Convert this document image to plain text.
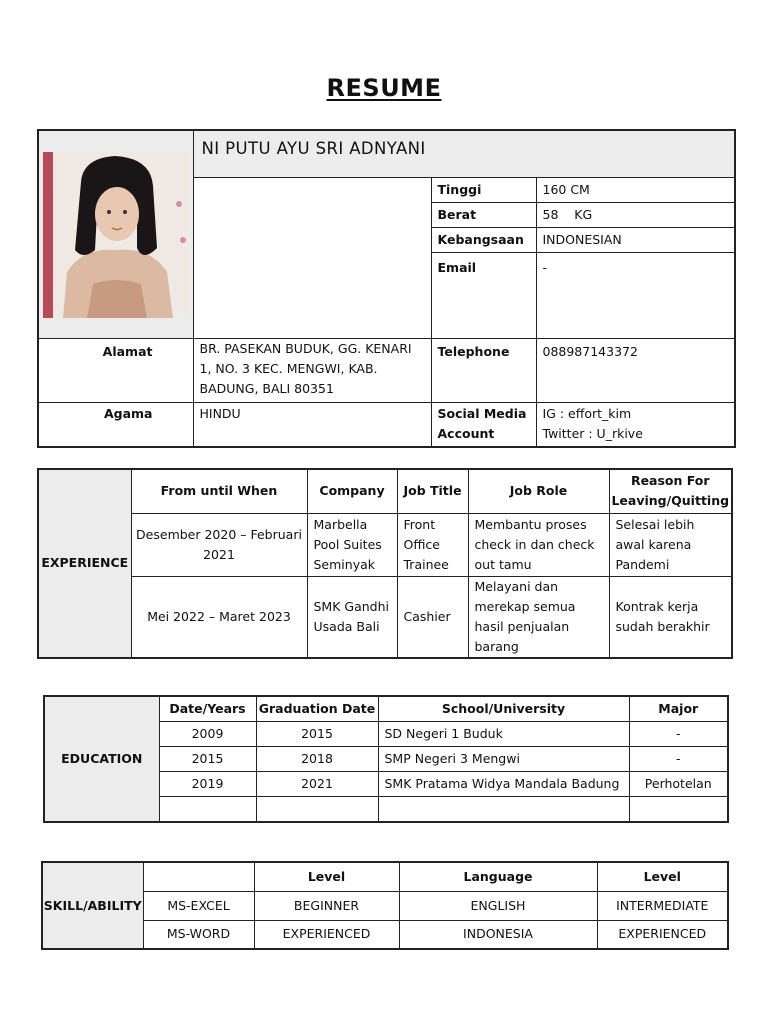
RESUME
	NI PUTU AYU SRI ADNYANI		
		Tinggi	160 CM
		Berat	58    KG
		Kebangsaan	INDONESIAN
		Email	-
Alamat	BR. PASEKAN BUDUK, GG. KENARI 1, NO. 3 KEC. MENGWI, KAB. BADUNG, BALI 80351	Telephone	088987143372
Agama	HINDU	Social Media Account	IG : effort_kim
Twitter : U_rkive
EXPERIENCE	From until When	Company	Job Title	Job Role	Reason For Leaving/Quitting
	Desember 2020 – Februari 2021	Marbella Pool Suites Seminyak	Front Office Trainee	Membantu proses check in dan check out tamu	Selesai lebih awal karena Pandemi
	Mei 2022 – Maret 2023	SMK Gandhi Usada Bali	Cashier	Melayani dan merekap semua hasil penjualan barang	Kontrak kerja sudah berakhir
EDUCATION	Date/Years	Graduation Date	School/University	Major
	2009	2015	SD Negeri 1 Buduk	-
	2015	2018	SMP Negeri 3 Mengwi	-
	2019	2021	SMK Pratama Widya Mandala Badung	Perhotelan

SKILL/ABILITY		Level	Language	Level
	MS-EXCEL	BEGINNER	ENGLISH	INTERMEDIATE
	MS-WORD	EXPERIENCED	INDONESIA	EXPERIENCED
